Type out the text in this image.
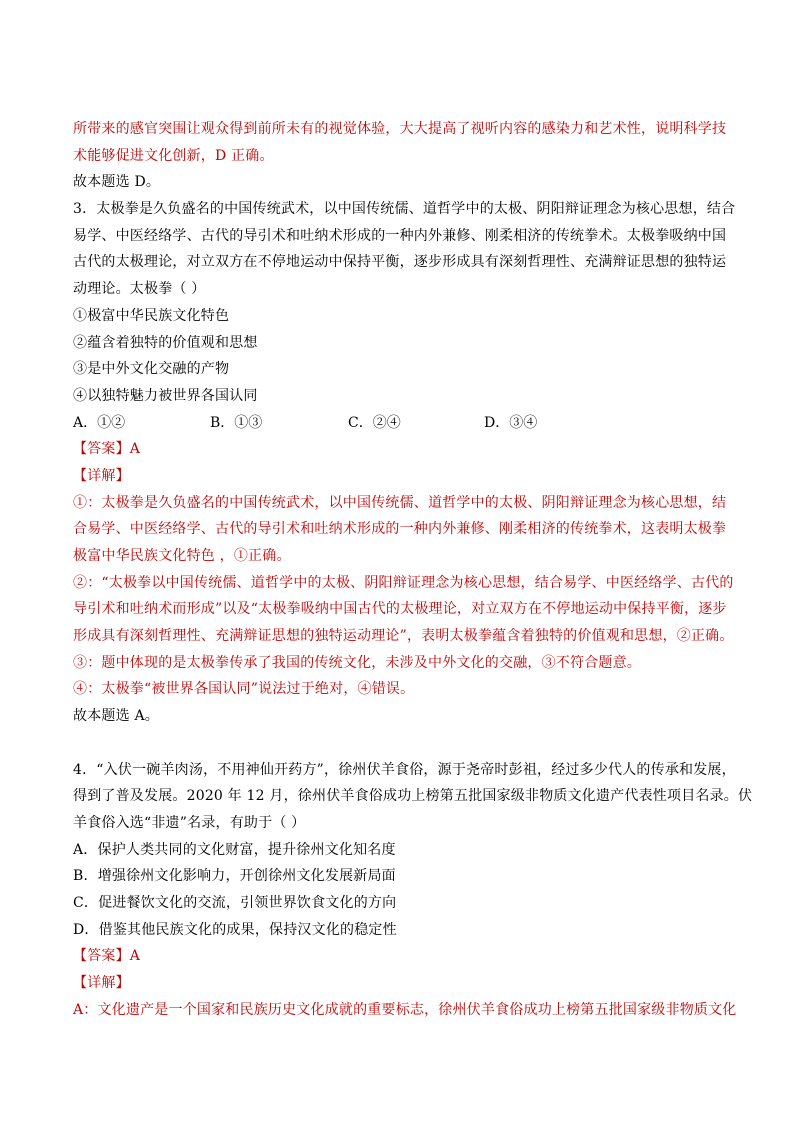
所带来的感官突围让观众得到前所未有的视觉体验，大大提高了视听内容的感染力和艺术性，说明科学技
术能够促进文化创新，D 正确。
故本题选 D。
3．太极拳是久负盛名的中国传统武术，以中国传统儒、道哲学中的太极、阴阳辩证理念为核心思想，结合
易学、中医经络学、古代的导引术和吐纳术形成的一种内外兼修、刚柔相济的传统拳术。太极拳吸纳中国
古代的太极理论，对立双方在不停地运动中保持平衡，逐步形成具有深刻哲理性、充满辩证思想的独特运
动理论。太极拳（ ）
①极富中华民族文化特色
②蕴含着独特的价值观和思想
③是中外文化交融的产物
④以独特魅力被世界各国认同
A．①②	B．①③	C．②④	D．③④
【答案】A
【详解】
①：太极拳是久负盛名的中国传统武术，以中国传统儒、道哲学中的太极、阴阳辩证理念为核心思想，结
合易学、中医经络学、古代的导引术和吐纳术形成的一种内外兼修、刚柔相济的传统拳术，这表明太极拳
极富中华民族文化特色 ，①正确。
②：“太极拳以中国传统儒、道哲学中的太极、阴阳辩证理念为核心思想，结合易学、中医经络学、古代的
导引术和吐纳术而形成”以及“太极拳吸纳中国古代的太极理论，对立双方在不停地运动中保持平衡，逐步
形成具有深刻哲理性、充满辩证思想的独特运动理论”，表明太极拳蕴含着独特的价值观和思想，②正确。
③：题中体现的是太极拳传承了我国的传统文化，未涉及中外文化的交融，③不符合题意。
④：太极拳“被世界各国认同”说法过于绝对，④错误。
故本题选 A。
4．“入伏一碗羊肉汤，不用神仙开药方”，徐州伏羊食俗，源于尧帝时彭祖，经过多少代人的传承和发展，
得到了普及发展。2020 年 12 月，徐州伏羊食俗成功上榜第五批国家级非物质文化遗产代表性项目名录。伏
羊食俗入选“非遗”名录，有助于（ ）
A．保护人类共同的文化财富，提升徐州文化知名度
B．增强徐州文化影响力，开创徐州文化发展新局面
C．促进餐饮文化的交流，引领世界饮食文化的方向
D．借鉴其他民族文化的成果，保持汉文化的稳定性
【答案】A
【详解】
A：文化遗产是一个国家和民族历史文化成就的重要标志，徐州伏羊食俗成功上榜第五批国家级非物质文化
